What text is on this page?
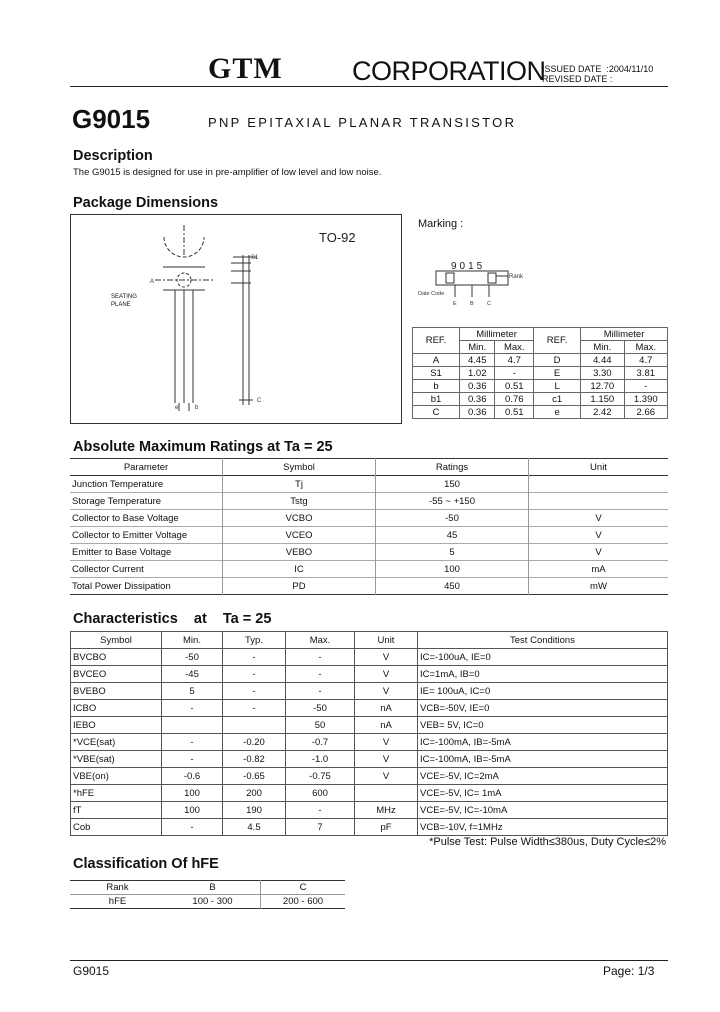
GTM	CORPORATION
ISSUED DATE  :2004/11/10
REVISED DATE :
G9015	PNP EPITAXIAL PLANAR TRANSISTOR
Description
The G9015 is designed for use in pre-amplifier of low level and low noise.
Package Dimensions
TO-92
S1
A
C
e	b
SEATING
PLANE
Marking :
9015
Rank
Date Code
E B C
REF.	Millimeter		REF.	Millimeter	
	Min.	Max.		Min.	Max.
A	4.45	4.7	D	4.44	4.7
S1	1.02	-	E	3.30	3.81
b	0.36	0.51	L	12.70	-
b1	0.36	0.76	c1	1.150	1.390
C	0.36	0.51	e	2.42	2.66
Absolute Maximum Ratings at Ta = 25
Parameter	Symbol	Ratings	Unit
Junction Temperature	Tj	150	
Storage Temperature	Tstg	-55 ~ +150	
Collector to Base Voltage	VCBO	-50	V
Collector to Emitter Voltage	VCEO	45	V
Emitter to Base Voltage	VEBO	5	V
Collector Current	IC	100	mA
Total Power Dissipation	PD	450	mW
Characteristics    at    Ta = 25
Symbol	Min.	Typ.	Max.	Unit	Test Conditions
BVCBO	-50	-	-	V	IC=-100uA, IE=0
BVCEO	-45	-	-	V	IC=1mA, IB=0
BVEBO	5	-	-	V	IE= 100uA, IC=0
ICBO	-	-	-50	nA	VCB=-50V, IE=0
IEBO			50	nA	VEB= 5V, IC=0
*VCE(sat)	-	-0.20	-0.7	V	IC=-100mA, IB=-5mA
*VBE(sat)	-	-0.82	-1.0	V	IC=-100mA, IB=-5mA
VBE(on)	-0.6	-0.65	-0.75	V	VCE=-5V, IC=2mA
*hFE	100	200	600		VCE=-5V, IC= 1mA
fT	100	190	-	MHz	VCE=-5V, IC=-10mA
Cob	-	4.5	7	pF	VCB=-10V, f=1MHz
*Pulse Test: Pulse Width≤380us, Duty Cycle≤2%
Classification Of hFE
Rank	B	C
hFE	100 - 300	200 - 600
G9015	Page: 1/3
